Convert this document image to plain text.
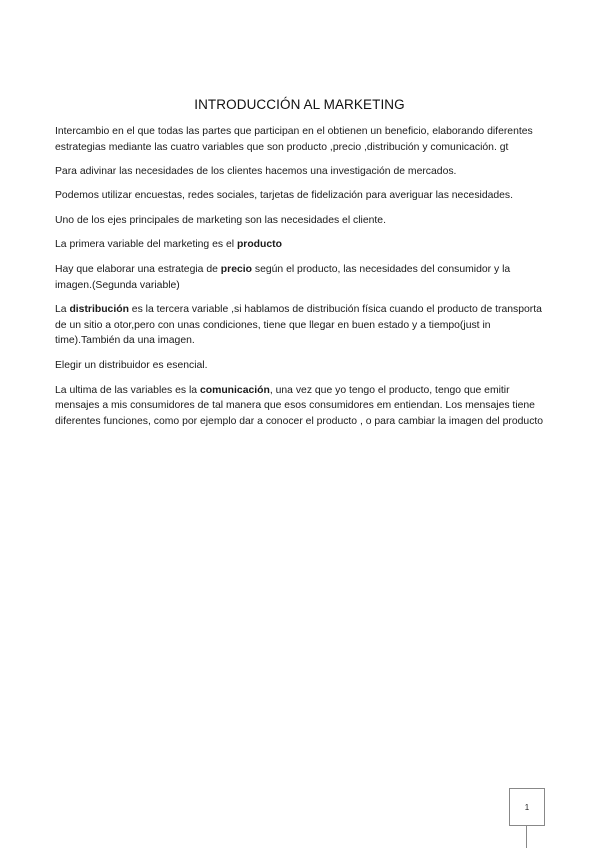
INTRODUCCIÓN AL MARKETING

Intercambio en el que todas las partes que participan en el obtienen un beneficio, elaborando diferentes estrategias mediante las cuatro variables que son producto ,precio ,distribución y comunicación. gt

Para adivinar las necesidades de los clientes hacemos una investigación de mercados.

Podemos utilizar encuestas, redes sociales, tarjetas de fidelización para averiguar las necesidades.

Uno de los ejes principales de marketing son las necesidades el cliente.

La primera variable del marketing es el producto

Hay que elaborar una estrategia de precio según el producto, las necesidades del consumidor y la imagen.(Segunda variable)

La distribución es la tercera variable ,si hablamos de distribución física cuando el producto de transporta de un sitio a otor,pero con unas condiciones, tiene que llegar en buen estado y a tiempo(just in time).También da una imagen.

Elegir un distribuidor es esencial.

La ultima de las variables es la comunicación, una vez que yo tengo el producto, tengo que emitir mensajes a mis consumidores de tal manera que esos consumidores em entiendan. Los mensajes tiene diferentes funciones, como por ejemplo dar a conocer el producto , o para cambiar la imagen del producto

1
